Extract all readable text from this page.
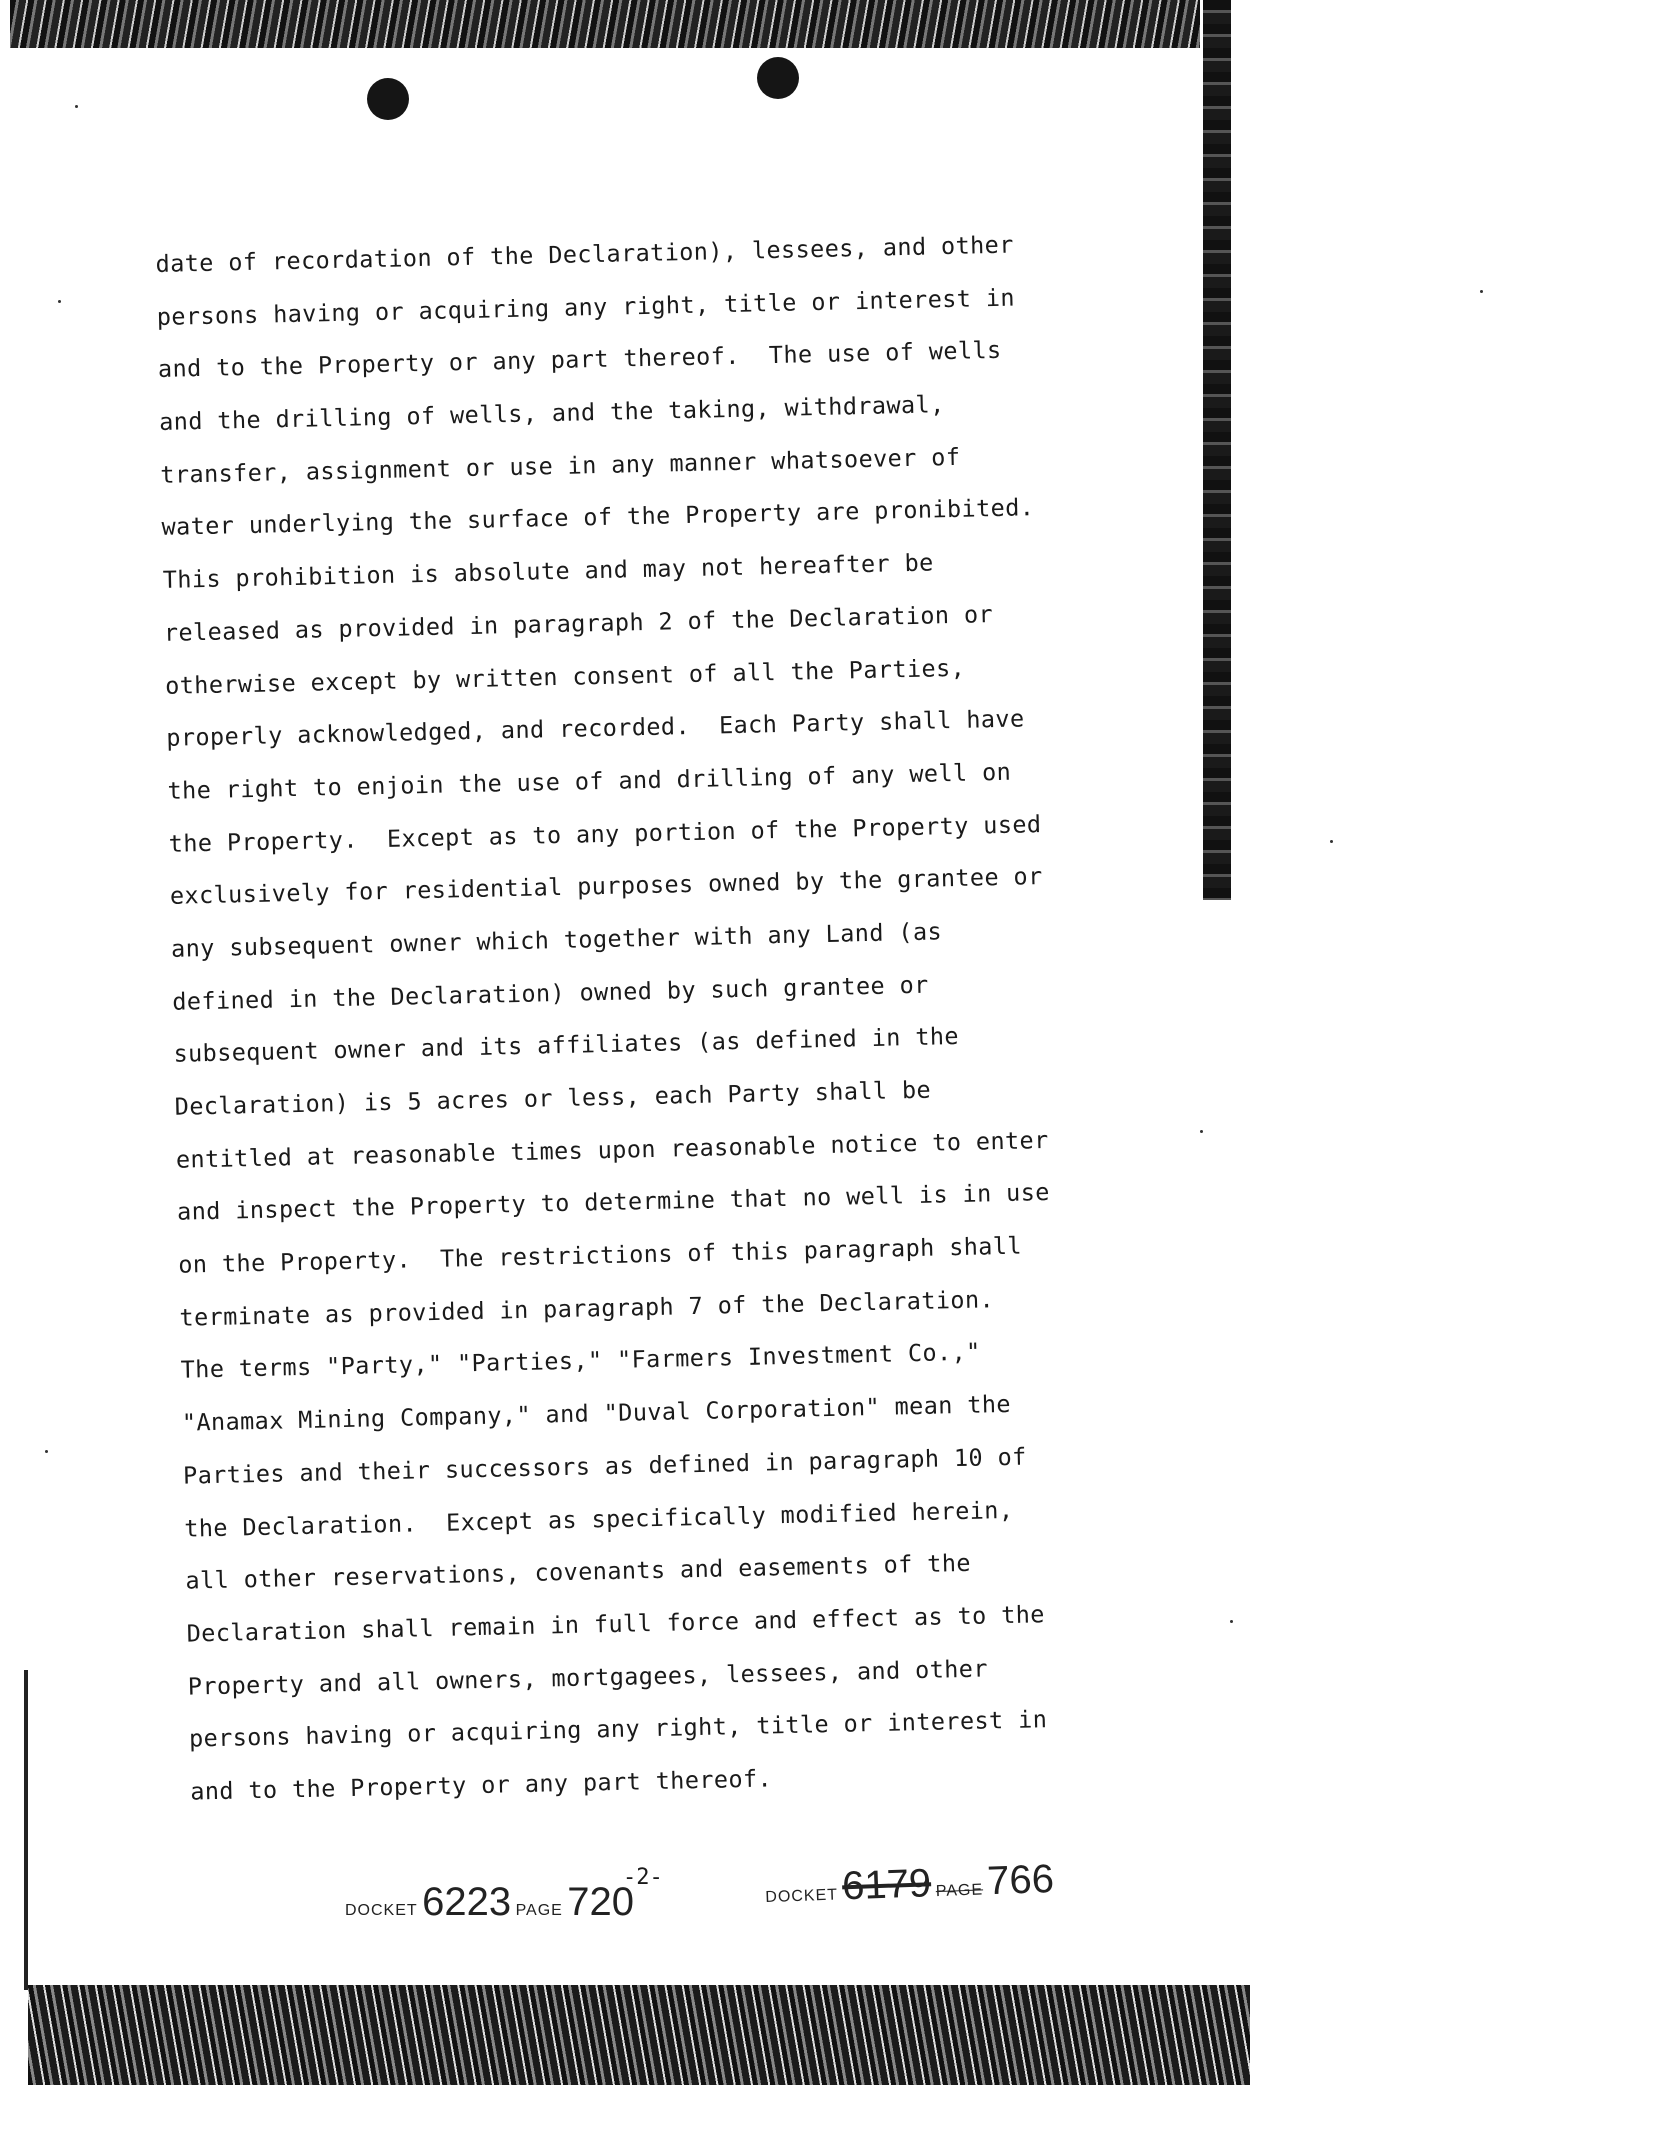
date of recordation of the Declaration), lessees, and other
persons having or acquiring any right, title or interest in
and to the Property or any part thereof.  The use of wells
and the drilling of wells, and the taking, withdrawal,
transfer, assignment or use in any manner whatsoever of
water underlying the surface of the Property are pronibited.
This prohibition is absolute and may not hereafter be
released as provided in paragraph 2 of the Declaration or
otherwise except by written consent of all the Parties,
properly acknowledged, and recorded.  Each Party shall have
the right to enjoin the use of and drilling of any well on
the Property.  Except as to any portion of the Property used
exclusively for residential purposes owned by the grantee or
any subsequent owner which together with any Land (as
defined in the Declaration) owned by such grantee or
subsequent owner and its affiliates (as defined in the
Declaration) is 5 acres or less, each Party shall be
entitled at reasonable times upon reasonable notice to enter
and inspect the Property to determine that no well is in use
on the Property.  The restrictions of this paragraph shall
terminate as provided in paragraph 7 of the Declaration.
The terms "Party," "Parties," "Farmers Investment Co.,"
"Anamax Mining Company," and "Duval Corporation" mean the
Parties and their successors as defined in paragraph 10 of
the Declaration.  Except as specifically modified herein,
all other reservations, covenants and easements of the
Declaration shall remain in full force and effect as to the
Property and all owners, mortgagees, lessees, and other
persons having or acquiring any right, title or interest in
and to the Property or any part thereof.
-2-
DOCKET 6223 PAGE 720	DOCKET 6179 PAGE 766
